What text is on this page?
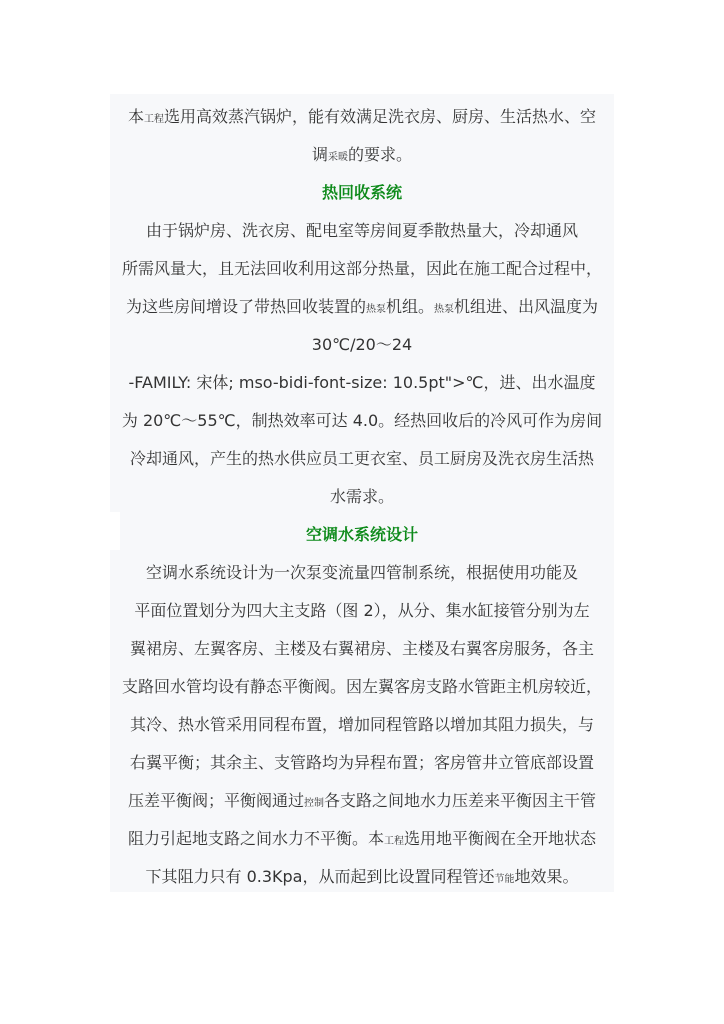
本工程选用高效蒸汽锅炉，能有效满足洗衣房、厨房、生活热水、空
调采暖的要求。
热回收系统
由于锅炉房、洗衣房、配电室等房间夏季散热量大，冷却通风
所需风量大，且无法回收利用这部分热量，因此在施工配合过程中，
为这些房间增设了带热回收装置的热泵机组。热泵机组进、出风温度为
30℃/20～24
-FAMILY: 宋体; mso-bidi-font-size: 10.5pt">℃，进、出水温度
为 20℃～55℃，制热效率可达 4.0。经热回收后的冷风可作为房间
冷却通风，产生的热水供应员工更衣室、员工厨房及洗衣房生活热
水需求。
空调水系统设计
空调水系统设计为一次泵变流量四管制系统，根据使用功能及
平面位置划分为四大主支路（图 2），从分、集水缸接管分别为左
翼裙房、左翼客房、主楼及右翼裙房、主楼及右翼客房服务，各主
支路回水管均设有静态平衡阀。因左翼客房支路水管距主机房较近，
其冷、热水管采用同程布置，增加同程管路以增加其阻力损失，与
右翼平衡；其余主、支管路均为异程布置；客房管井立管底部设置
压差平衡阀；平衡阀通过控制各支路之间地水力压差来平衡因主干管
阻力引起地支路之间水力不平衡。本工程选用地平衡阀在全开地状态
下其阻力只有 0.3Kpa，从而起到比设置同程管还节能地效果。
